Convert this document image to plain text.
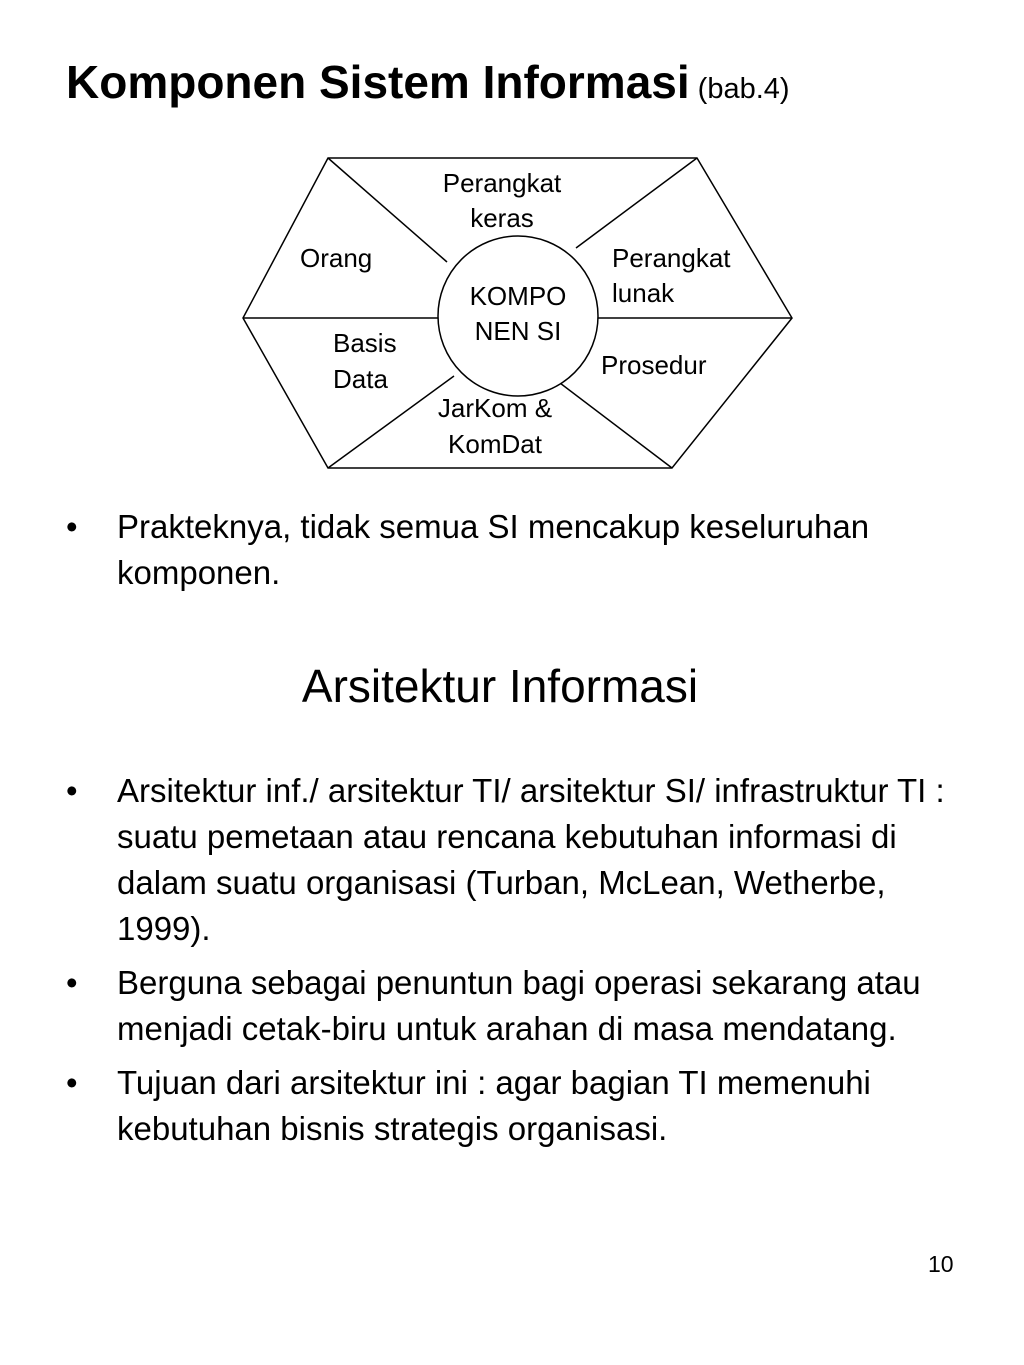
Komponen Sistem Informasi (bab.4)
KOMPO
NEN SI
Perangkat
keras
Perangkat
lunak
Prosedur
JarKom &
KomDat
Basis
Data
Orang
• Prakteknya, tidak semua SI mencakup keseluruhan komponen.
Arsitektur Informasi
• Arsitektur inf./ arsitektur TI/ arsitektur SI/ infrastruktur TI : suatu pemetaan atau rencana kebutuhan informasi di dalam suatu organisasi (Turban, McLean, Wetherbe, 1999).
• Berguna sebagai penuntun bagi operasi sekarang atau menjadi cetak-biru untuk arahan di masa mendatang.
• Tujuan dari arsitektur ini : agar bagian TI memenuhi kebutuhan bisnis strategis organisasi.
10
